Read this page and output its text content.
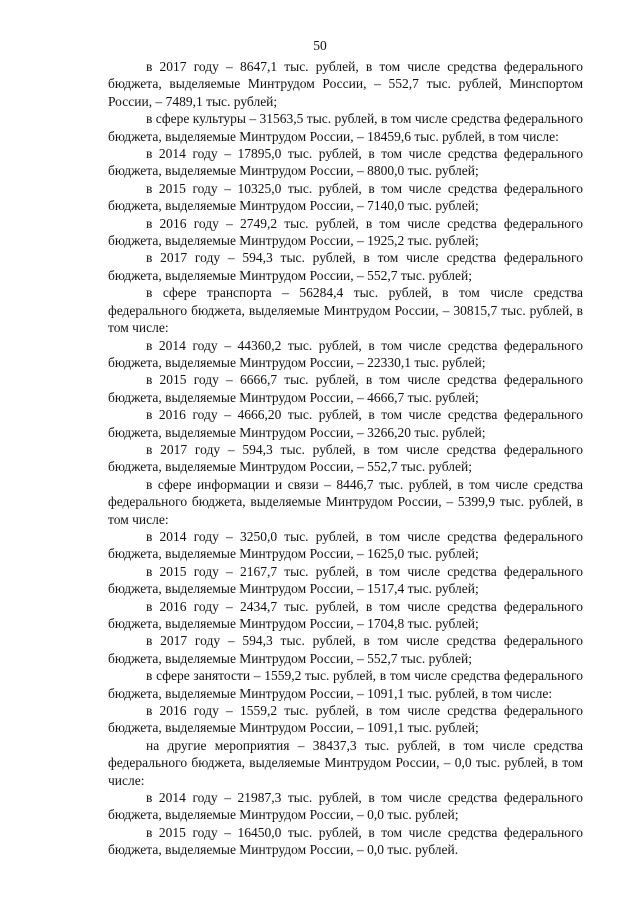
50

в 2017 году – 8647,1 тыс. рублей, в том числе средства федерального бюджета, выделяемые Минтрудом России, – 552,7 тыс. рублей, Минспортом России, – 7489,1 тыс. рублей;

в сфере культуры – 31563,5 тыс. рублей, в том числе средства федерального бюджета, выделяемые Минтрудом России, – 18459,6 тыс. рублей, в том числе:

в 2014 году – 17895,0 тыс. рублей, в том числе средства федерального бюджета, выделяемые Минтрудом России, – 8800,0 тыс. рублей;

в 2015 году – 10325,0 тыс. рублей, в том числе средства федерального бюджета, выделяемые Минтрудом России, – 7140,0 тыс. рублей;

в 2016 году – 2749,2 тыс. рублей, в том числе средства федерального бюджета, выделяемые Минтрудом России, – 1925,2 тыс. рублей;

в 2017 году – 594,3 тыс. рублей, в том числе средства федерального бюджета, выделяемые Минтрудом России, – 552,7 тыс. рублей;

в сфере транспорта – 56284,4 тыс. рублей, в том числе средства федерального бюджета, выделяемые Минтрудом России, – 30815,7 тыс. рублей, в том числе:

в 2014 году – 44360,2 тыс. рублей, в том числе средства федерального бюджета, выделяемые Минтрудом России, – 22330,1 тыс. рублей;

в 2015 году – 6666,7 тыс. рублей, в том числе средства федерального бюджета, выделяемые Минтрудом России, – 4666,7 тыс. рублей;

в 2016 году – 4666,20 тыс. рублей, в том числе средства федерального бюджета, выделяемые Минтрудом России, – 3266,20 тыс. рублей;

в 2017 году – 594,3 тыс. рублей, в том числе средства федерального бюджета, выделяемые Минтрудом России, – 552,7 тыс. рублей;

в сфере информации и связи – 8446,7 тыс. рублей, в том числе средства федерального бюджета, выделяемые Минтрудом России, – 5399,9 тыс. рублей, в том числе:

в 2014 году – 3250,0 тыс. рублей, в том числе средства федерального бюджета, выделяемые Минтрудом России, – 1625,0 тыс. рублей;

в 2015 году – 2167,7 тыс. рублей, в том числе средства федерального бюджета, выделяемые Минтрудом России, – 1517,4 тыс. рублей;

в 2016 году – 2434,7 тыс. рублей, в том числе средства федерального бюджета, выделяемые Минтрудом России, – 1704,8 тыс. рублей;

в 2017 году – 594,3 тыс. рублей, в том числе средства федерального бюджета, выделяемые Минтрудом России, – 552,7 тыс. рублей;

в сфере занятости – 1559,2 тыс. рублей, в том числе средства федерального бюджета, выделяемые Минтрудом России, – 1091,1 тыс. рублей, в том числе:

в 2016 году – 1559,2 тыс. рублей, в том числе средства федерального бюджета, выделяемые Минтрудом России, – 1091,1 тыс. рублей;

на другие мероприятия – 38437,3 тыс. рублей, в том числе средства федерального бюджета, выделяемые Минтрудом России, – 0,0 тыс. рублей, в том числе:

в 2014 году – 21987,3 тыс. рублей, в том числе средства федерального бюджета, выделяемые Минтрудом России, – 0,0 тыс. рублей;

в 2015 году – 16450,0 тыс. рублей, в том числе средства федерального бюджета, выделяемые Минтрудом России, – 0,0 тыс. рублей.
